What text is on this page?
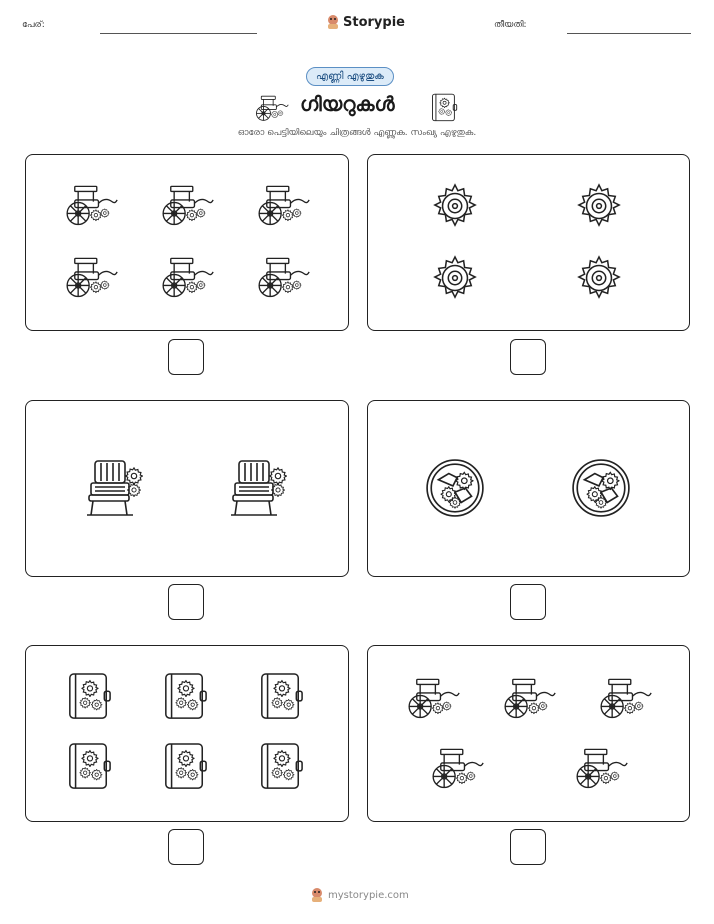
പേര്:	Storypie	തീയതി:
എണ്ണി എഴുതുക
ഗിയറുകൾ
ഓരോ പെട്ടിയിലെയും ചിത്രങ്ങൾ എണ്ണുക. സംഖ്യ എഴുതുക.
mystorypie.com
